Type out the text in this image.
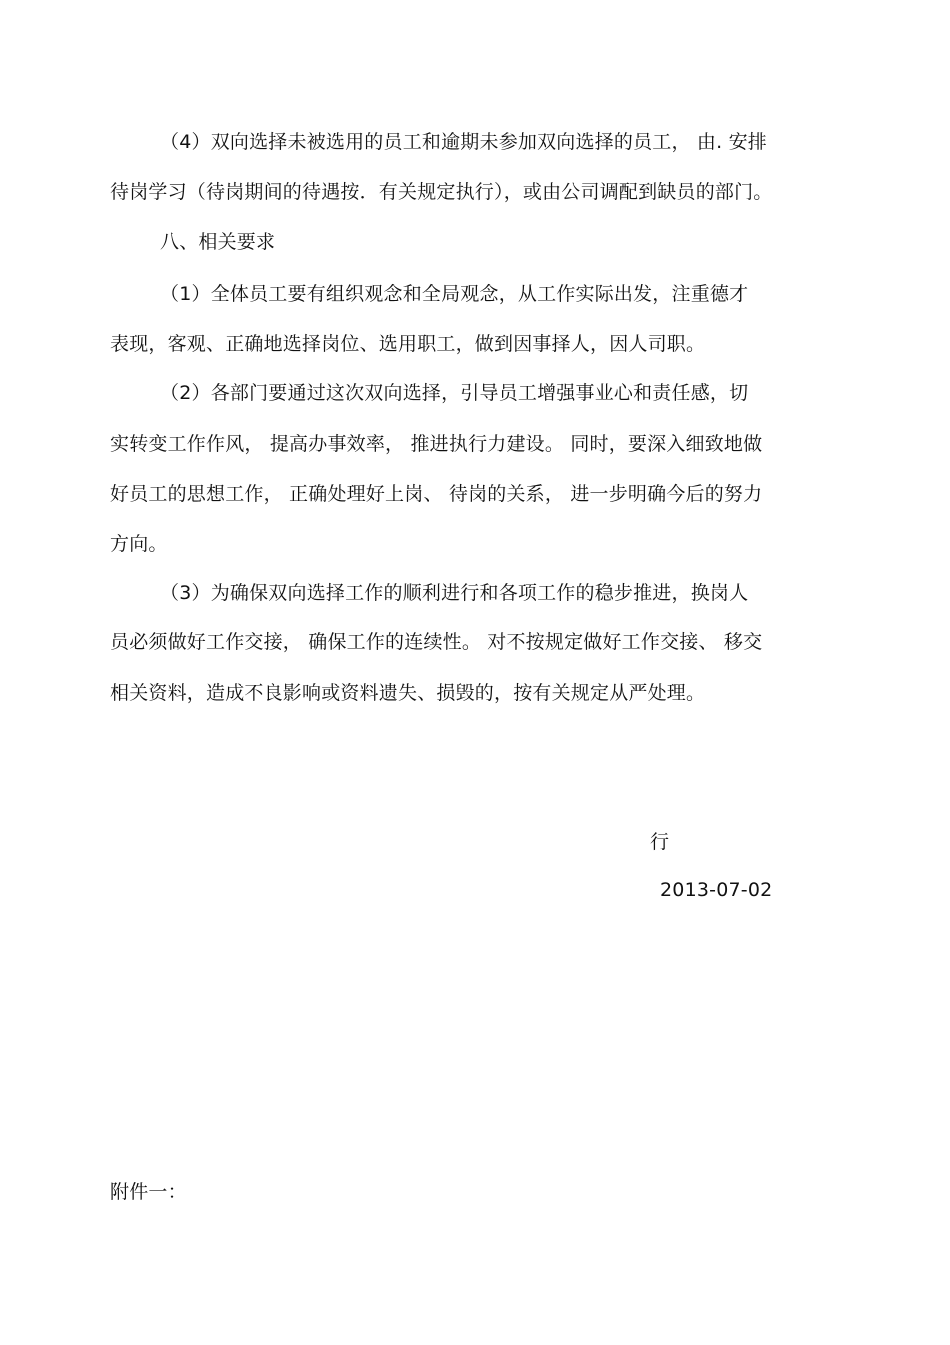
（4）双向选择未被选用的员工和逾期未参加双向选择的员工， 由. 安排
待岗学习（待岗期间的待遇按．有关规定执行），或由公司调配到缺员的部门。
八、相关要求
（1）全体员工要有组织观念和全局观念，从工作实际出发，注重德才
表现，客观、正确地选择岗位、选用职工，做到因事择人，因人司职。
（2）各部门要通过这次双向选择，引导员工增强事业心和责任感，切
实转变工作作风， 提高办事效率， 推进执行力建设。 同时，要深入细致地做
好员工的思想工作， 正确处理好上岗、 待岗的关系， 进一步明确今后的努力
方向。
（3）为确保双向选择工作的顺利进行和各项工作的稳步推进，换岗人
员必须做好工作交接， 确保工作的连续性。 对不按规定做好工作交接、 移交
相关资料，造成不良影响或资料遗失、损毁的，按有关规定从严处理。
行
2013-07-02
附件一：
